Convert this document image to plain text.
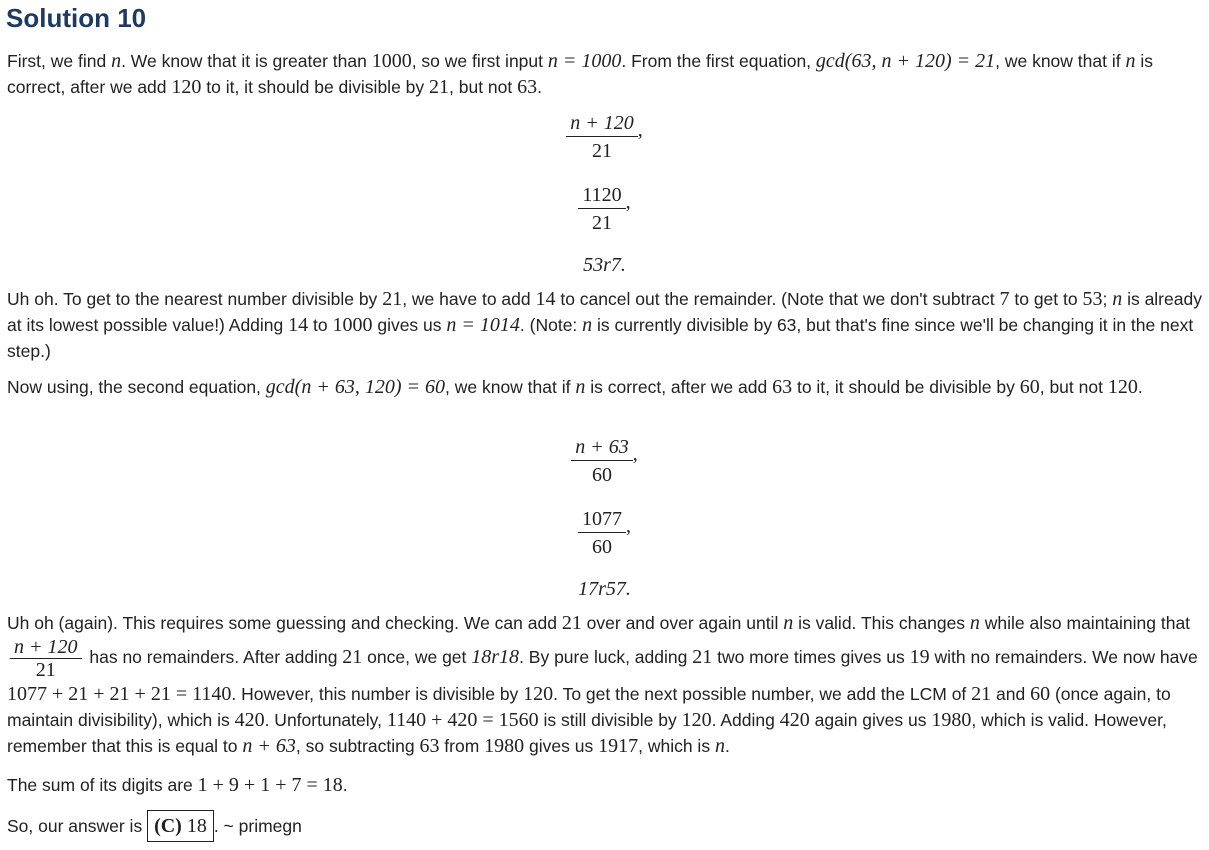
Solution 10

First, we find n. We know that it is greater than 1000, so we first input n = 1000. From the first equation, gcd(63, n + 120) = 21, we know that if n is correct, after we add 120 to it, it should be divisible by 21, but not 63.

$\frac{n + 120}{21}$ ,
$\frac{1120}{21}$ ,
53r7.

Uh oh. To get to the nearest number divisible by 21, we have to add 14 to cancel out the remainder. (Note that we don't subtract 7 to get to 53; n is already at its lowest possible value!) Adding 14 to 1000 gives us n = 1014. (Note: n is currently divisible by 63, but that's fine since we'll be changing it in the next step.)

Now using, the second equation, gcd(n + 63, 120) = 60, we know that if n is correct, after we add 63 to it, it should be divisible by 60, but not 120.

$\frac{n + 63}{60}$ ,
$\frac{1077}{60}$ ,
17r57.

Uh oh (again). This requires some guessing and checking. We can add 21 over and over again until n is valid. This changes n while also maintaining that
$\frac{n + 120}{21}$ has no remainders. After adding 21 once, we get 18r18. By pure luck, adding 21 two more times gives us 19 with no remainders. We now have 1077 + 21 + 21 + 21 = 1140. However, this number is divisible by 120. To get the next possible number, we add the LCM of 21 and 60 (once again, to maintain divisibility), which is 420. Unfortunately, 1140 + 420 = 1560 is still divisible by 120. Adding 420 again gives us 1980, which is valid. However, remember that this is equal to n + 63, so subtracting 63 from 1980 gives us 1917, which is n.

The sum of its digits are 1 + 9 + 1 + 7 = 18.

So, our answer is (C) 18 . ~ primegn
